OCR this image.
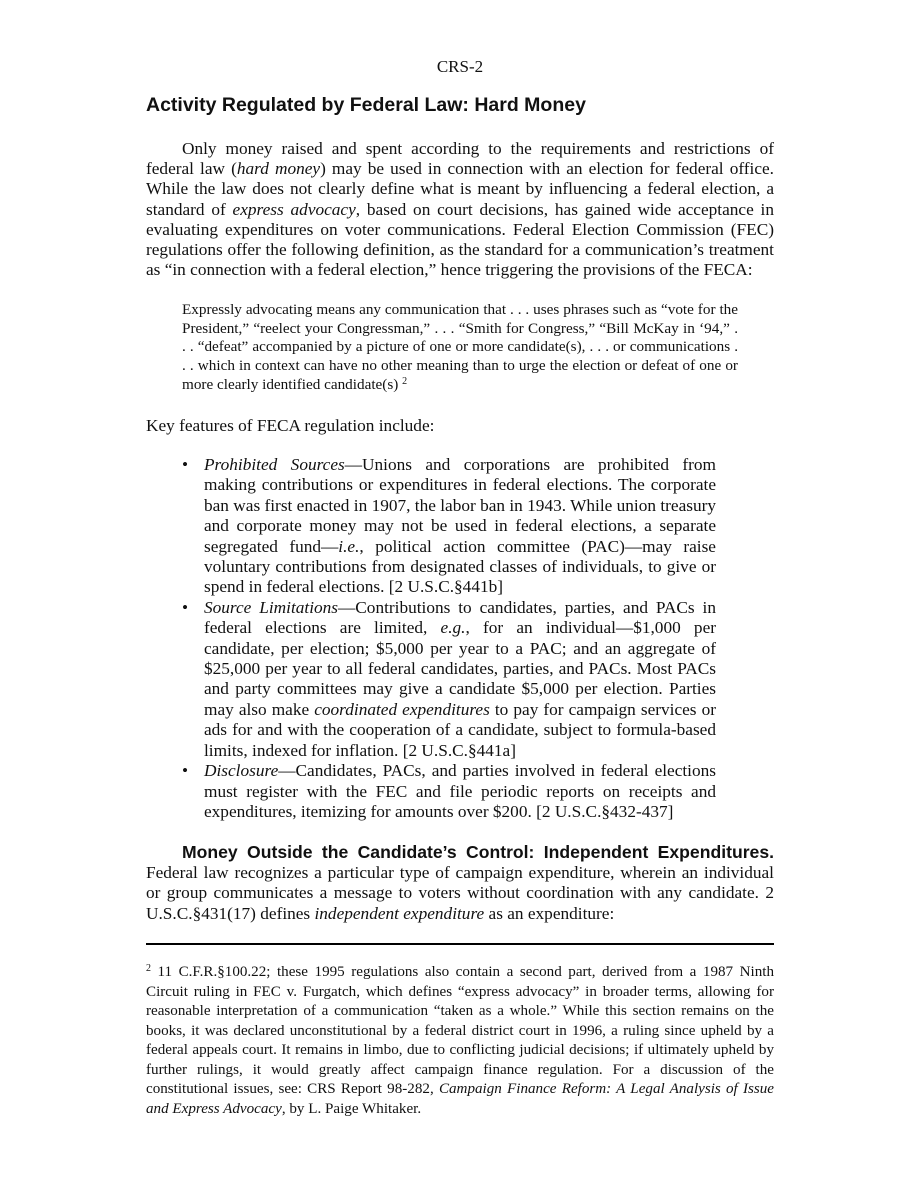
CRS-2
Activity Regulated by Federal Law: Hard Money

Only money raised and spent according to the requirements and restrictions of federal law (hard money) may be used in connection with an election for federal office. While the law does not clearly define what is meant by influencing a federal election, a standard of express advocacy, based on court decisions, has gained wide acceptance in evaluating expenditures on voter communications. Federal Election Commission (FEC) regulations offer the following definition, as the standard for a communication’s treatment as “in connection with a federal election,” hence triggering the provisions of the FECA:

Expressly advocating means any communication that . . . uses phrases such as “vote for the President,” “reelect your Congressman,” . . . “Smith for Congress,” “Bill McKay in ‘94,” . . . “defeat” accompanied by a picture of one or more candidate(s), . . . or communications . . . which in context can have no other meaning than to urge the election or defeat of one or more clearly identified candidate(s) $^2$

Key features of FECA regulation include:

• Prohibited Sources—Unions and corporations are prohibited from making contributions or expenditures in federal elections. The corporate ban was first enacted in 1907, the labor ban in 1943. While union treasury and corporate money may not be used in federal elections, a separate segregated fund—i.e., political action committee (PAC)—may raise voluntary contributions from designated classes of individuals, to give or spend in federal elections. [2 U.S.C.§441b]
• Source Limitations—Contributions to candidates, parties, and PACs in federal elections are limited, e.g., for an individual—$1,000 per candidate, per election; $5,000 per year to a PAC; and an aggregate of $25,000 per year to all federal candidates, parties, and PACs. Most PACs and party committees may give a candidate $5,000 per election. Parties may also make coordinated expenditures to pay for campaign services or ads for and with the cooperation of a candidate, subject to formula-based limits, indexed for inflation. [2 U.S.C.§441a]
• Disclosure—Candidates, PACs, and parties involved in federal elections must register with the FEC and file periodic reports on receipts and expenditures, itemizing for amounts over $200. [2 U.S.C.§432-437]

Money Outside the Candidate’s Control: Independent Expenditures. Federal law recognizes a particular type of campaign expenditure, wherein an individual or group communicates a message to voters without coordination with any candidate. 2 U.S.C.§431(17) defines independent expenditure as an expenditure:

$^2$ 11 C.F.R.§100.22; these 1995 regulations also contain a second part, derived from a 1987 Ninth Circuit ruling in FEC v. Furgatch, which defines “express advocacy” in broader terms, allowing for reasonable interpretation of a communication “taken as a whole.” While this section remains on the books, it was declared unconstitutional by a federal district court in 1996, a ruling since upheld by a federal appeals court. It remains in limbo, due to conflicting judicial decisions; if ultimately upheld by further rulings, it would greatly affect campaign finance regulation. For a discussion of the constitutional issues, see: CRS Report 98-282, Campaign Finance Reform: A Legal Analysis of Issue and Express Advocacy, by L. Paige Whitaker.
